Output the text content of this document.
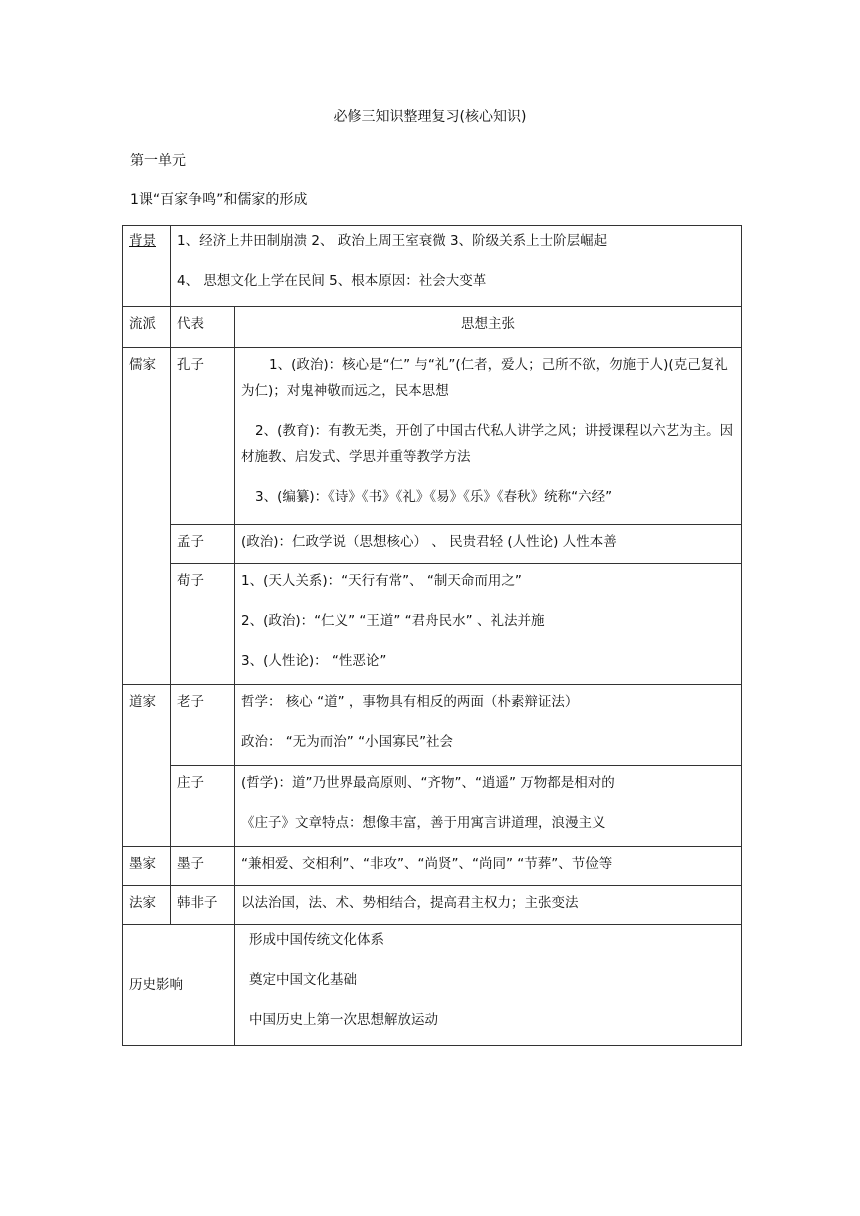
必修三知识整理复习(核心知识)
第一单元
1课“百家争鸣”和儒家的形成
背景	1、经济上井田制崩溃 2、 政治上周王室衰微 3、阶级关系上士阶层崛起

4、 思想文化上学在民间 5、根本原因：社会大变革	

流派	代表	思想主张
儒家	孔子	1、(政治)：核心是“仁” 与“礼”(仁者，爱人；己所不欲，勿施于人)(克己复礼为仁)；对鬼神敬而远之，民本思想

2、(教育)：有教无类，开创了中国古代私人讲学之风；讲授课程以六艺为主。因材施教、启发式、学思并重等教学方法

3、(编纂)：《诗》《书》《礼》《易》《乐》《春秋》统称“六经”

	孟子	(政治)：仁政学说（思想核心） 、 民贵君轻 (人性论) 人性本善
	荀子	1、(天人关系)：“天行有常”、 “制天命而用之”

2、(政治)：“仁义” “王道” “君舟民水” 、礼法并施

3、(人性论)： “性恶论”

道家	老子	哲学： 核心 “道” ，事物具有相反的两面（朴素辩证法）

政治： “无为而治” “小国寡民”社会

	庄子	(哲学)：道”乃世界最高原则、“齐物”、“逍遥” 万物都是相对的

《庄子》文章特点：想像丰富，善于用寓言讲道理，浪漫主义

墨家	墨子	“兼相爱、交相利”、“非攻”、“尚贤”、“尚同” “节葬”、节俭等
法家	韩非子	以法治国，法、术、势相结合，提高君主权力；主张变法
历史影响		形成中国传统文化体系

奠定中国文化基础

中国历史上第一次思想解放运动
